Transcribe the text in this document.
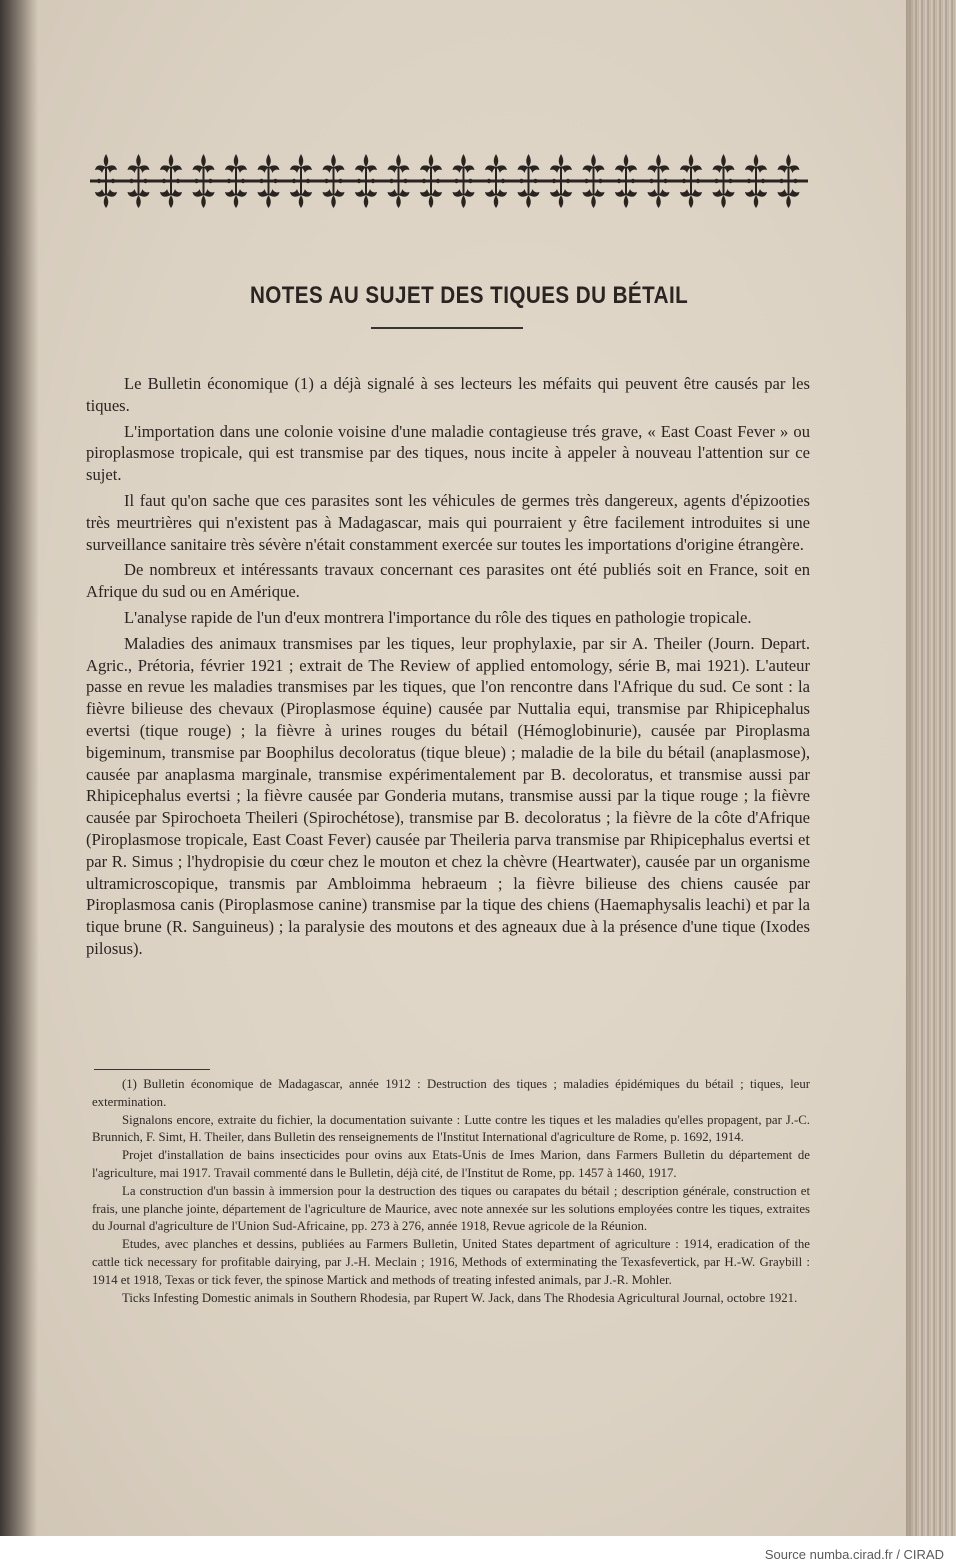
NOTES AU SUJET DES TIQUES DU BÉTAIL

Le Bulletin économique (1) a déjà signalé à ses lecteurs les méfaits qui peuvent être causés par les tiques.

L'importation dans une colonie voisine d'une maladie contagieuse trés grave, « East Coast Fever » ou piroplasmose tropicale, qui est transmise par des tiques, nous incite à appeler à nouveau l'attention sur ce sujet.

Il faut qu'on sache que ces parasites sont les véhicules de germes très dangereux, agents d'épizooties très meurtrières qui n'existent pas à Madagascar, mais qui pourraient y être facilement introduites si une surveillance sanitaire très sévère n'était constamment exercée sur toutes les importations d'origine étrangère.

De nombreux et intéressants travaux concernant ces parasites ont été publiés soit en France, soit en Afrique du sud ou en Amérique.

L'analyse rapide de l'un d'eux montrera l'importance du rôle des tiques en pathologie tropicale.

Maladies des animaux transmises par les tiques, leur prophylaxie, par sir A. Theiler (Journ. Depart. Agric., Prétoria, février 1921 ; extrait de The Review of applied entomology, série B, mai 1921). L'auteur passe en revue les maladies transmises par les tiques, que l'on rencontre dans l'Afrique du sud. Ce sont : la fièvre bilieuse des chevaux (Piroplasmose équine) causée par Nuttalia equi, transmise par Rhipicephalus evertsi (tique rouge) ; la fièvre à urines rouges du bétail (Hémoglobinurie), causée par Piroplasma bigeminum, transmise par Boophilus decoloratus (tique bleue) ; maladie de la bile du bétail (anaplasmose), causée par anaplasma marginale, transmise expérimentalement par B. decoloratus, et transmise aussi par Rhipicephalus evertsi ; la fièvre causée par Gonderia mutans, transmise aussi par la tique rouge ; la fièvre causée par Spirochoeta Theileri (Spirochétose), transmise par B. decoloratus ; la fièvre de la côte d'Afrique (Piroplasmose tropicale, East Coast Fever) causée par Theileria parva transmise par Rhipicephalus evertsi et par R. Simus ; l'hydropisie du cœur chez le mouton et chez la chèvre (Heartwater), causée par un organisme ultramicroscopique, transmis par Ambloimma hebraeum ; la fièvre bilieuse des chiens causée par Piroplasmosa canis (Piroplasmose canine) transmise par la tique des chiens (Haemaphysalis leachi) et par la tique brune (R. Sanguineus) ; la paralysie des moutons et des agneaux due à la présence d'une tique (Ixodes pilosus).

(1) Bulletin économique de Madagascar, année 1912 : Destruction des tiques ; maladies épidémiques du bétail ; tiques, leur extermination.

Signalons encore, extraite du fichier, la documentation suivante : Lutte contre les tiques et les maladies qu'elles propagent, par J.-C. Brunnich, F. Simt, H. Theiler, dans Bulletin des renseignements de l'Institut International d'agriculture de Rome, p. 1692, 1914.

Projet d'installation de bains insecticides pour ovins aux Etats-Unis de Imes Marion, dans Farmers Bulletin du département de l'agriculture, mai 1917. Travail commenté dans le Bulletin, déjà cité, de l'Institut de Rome, pp. 1457 à 1460, 1917.

La construction d'un bassin à immersion pour la destruction des tiques ou carapates du bétail ; description générale, construction et frais, une planche jointe, département de l'agriculture de Maurice, avec note annexée sur les solutions employées contre les tiques, extraites du Journal d'agriculture de l'Union Sud-Africaine, pp. 273 à 276, année 1918, Revue agricole de la Réunion.

Etudes, avec planches et dessins, publiées au Farmers Bulletin, United States department of agriculture : 1914, eradication of the cattle tick necessary for profitable dairying, par J.-H. Meclain ; 1916, Methods of exterminating the Texasfevertick, par H.-W. Graybill : 1914 et 1918, Texas or tick fever, the spinose Martick and methods of treating infested animals, par J.-R. Mohler.

Ticks Infesting Domestic animals in Southern Rhodesia, par Rupert W. Jack, dans The Rhodesia Agricultural Journal, octobre 1921.

Source numba.cirad.fr / CIRAD
